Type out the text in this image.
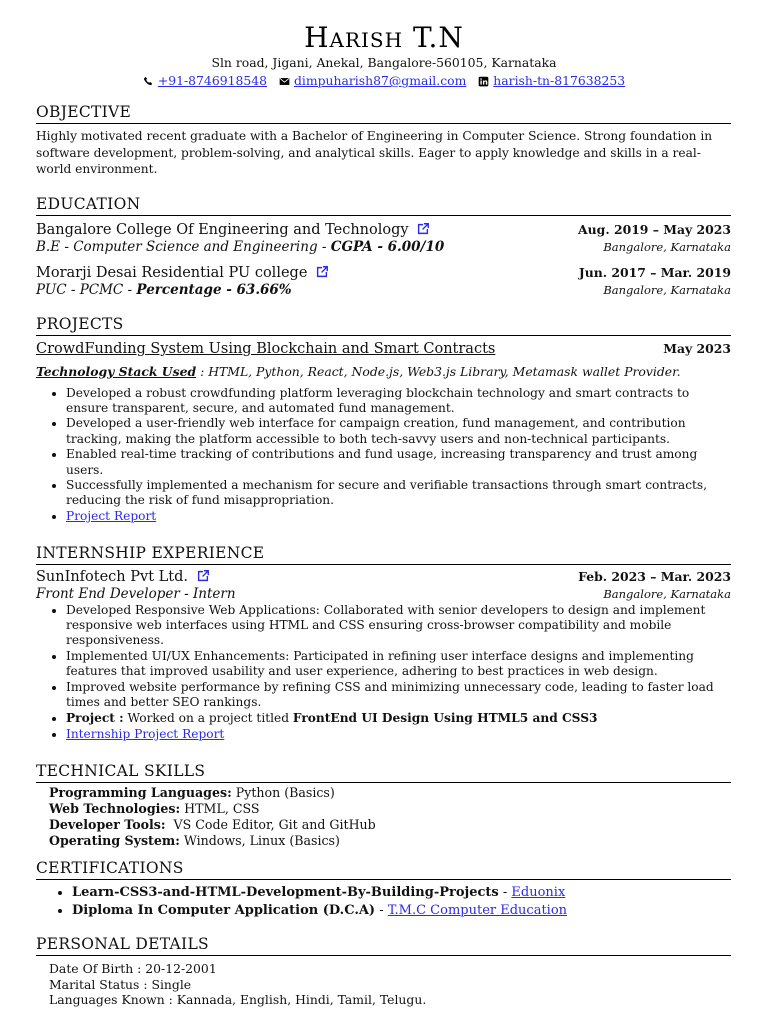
Harish T.N
Sln road, Jigani, Anekal, Bangalore-560105, Karnataka
+91-8746918548
dimpuharish87@gmail.com
harish-tn-817638253
OBJECTIVE
Highly motivated recent graduate with a Bachelor of Engineering in Computer Science. Strong foundation in software development, problem-solving, and analytical skills. Eager to apply knowledge and skills in a real-world environment.
EDUCATION
Bangalore College Of Engineering and Technology	Aug. 2019 – May 2023
B.E - Computer Science and Engineering - CGPA - 6.00/10	Bangalore, Karnataka
Morarji Desai Residential PU college	Jun. 2017 – Mar. 2019
PUC - PCMC - Percentage - 63.66%	Bangalore, Karnataka
PROJECTS
CrowdFunding System Using Blockchain and Smart Contracts	May 2023
Technology Stack Used : HTML, Python, React, Node.js, Web3.js Library, Metamask wallet Provider.
• Developed a robust crowdfunding platform leveraging blockchain technology and smart contracts to ensure transparent, secure, and automated fund management.
• Developed a user-friendly web interface for campaign creation, fund management, and contribution tracking, making the platform accessible to both tech-savvy users and non-technical participants.
• Enabled real-time tracking of contributions and fund usage, increasing transparency and trust among users.
• Successfully implemented a mechanism for secure and verifiable transactions through smart contracts, reducing the risk of fund misappropriation.
• Project Report
INTERNSHIP EXPERIENCE
SunInfotech Pvt Ltd.	Feb. 2023 – Mar. 2023
Front End Developer - Intern	Bangalore, Karnataka
• Developed Responsive Web Applications: Collaborated with senior developers to design and implement responsive web interfaces using HTML and CSS ensuring cross-browser compatibility and mobile responsiveness.
• Implemented UI/UX Enhancements: Participated in refining user interface designs and implementing features that improved usability and user experience, adhering to best practices in web design.
• Improved website performance by refining CSS and minimizing unnecessary code, leading to faster load times and better SEO rankings.
• Project : Worked on a project titled FrontEnd UI Design Using HTML5 and CSS3
• Internship Project Report
TECHNICAL SKILLS
Programming Languages: Python (Basics)
Web Technologies: HTML, CSS
Developer Tools:  VS Code Editor, Git and GitHub
Operating System: Windows, Linux (Basics)
CERTIFICATIONS
• Learn-CSS3-and-HTML-Development-By-Building-Projects - Eduonix
• Diploma In Computer Application (D.C.A) - T.M.C Computer Education
PERSONAL DETAILS
Date Of Birth : 20-12-2001
Marital Status : Single
Languages Known : Kannada, English, Hindi, Tamil, Telugu.
